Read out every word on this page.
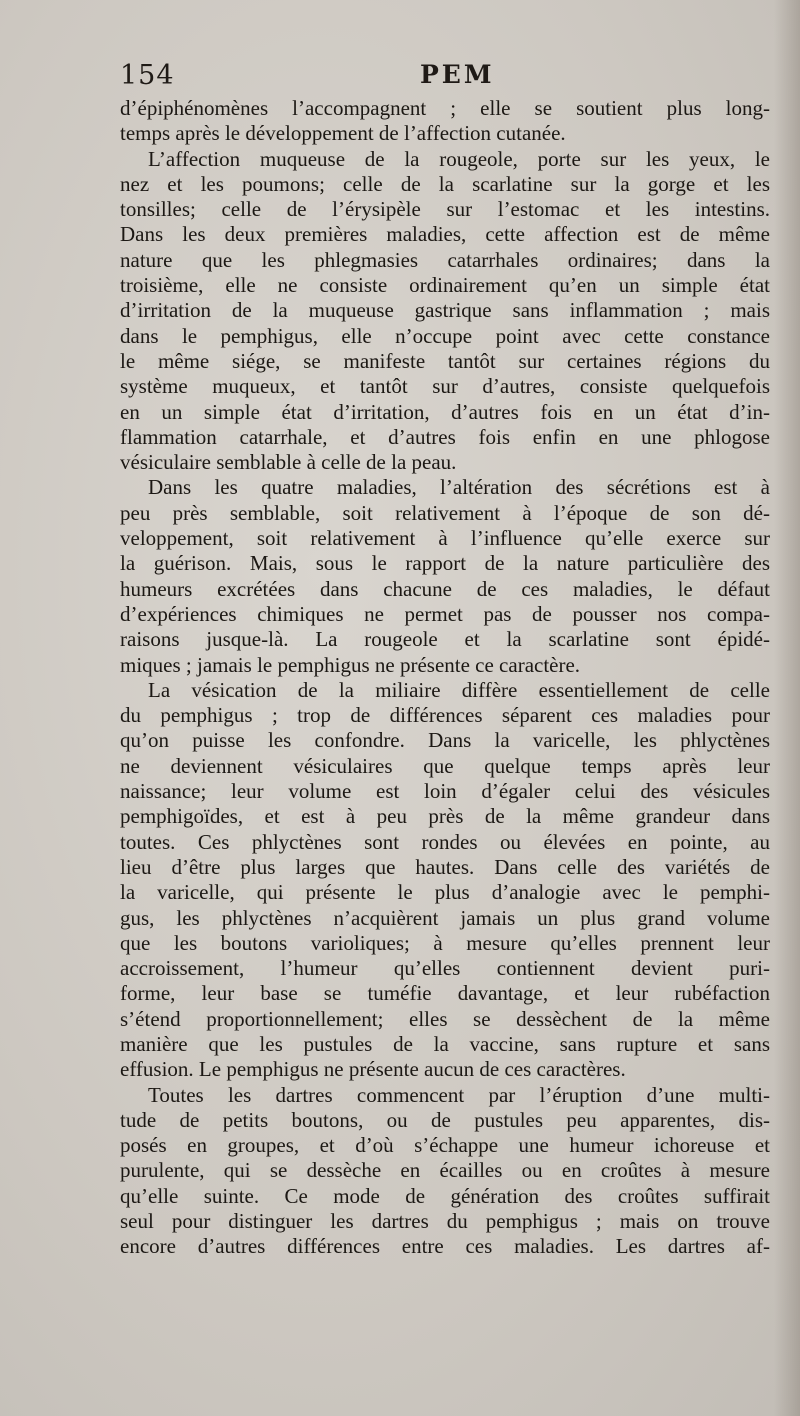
154	PEM
d’épiphénomènes l’accompagnent ; elle se soutient plus long-
temps après le développement de l’affection cutanée.
L’affection muqueuse de la rougeole, porte sur les yeux, le
nez et les poumons; celle de la scarlatine sur la gorge et les
tonsilles; celle de l’érysipèle sur l’estomac et les intestins.
Dans les deux premières maladies, cette affection est de même
nature que les phlegmasies catarrhales ordinaires; dans la
troisième, elle ne consiste ordinairement qu’en un simple état
d’irritation de la muqueuse gastrique sans inflammation ; mais
dans le pemphigus, elle n’occupe point avec cette constance
le même siége, se manifeste tantôt sur certaines régions du
système muqueux, et tantôt sur d’autres, consiste quelquefois
en un simple état d’irritation, d’autres fois en un état d’in-
flammation catarrhale, et d’autres fois enfin en une phlogose
vésiculaire semblable à celle de la peau.
Dans les quatre maladies, l’altération des sécrétions est à
peu près semblable, soit relativement à l’époque de son dé-
veloppement, soit relativement à l’influence qu’elle exerce sur
la guérison. Mais, sous le rapport de la nature particulière des
humeurs excrétées dans chacune de ces maladies, le défaut
d’expériences chimiques ne permet pas de pousser nos compa-
raisons jusque-là. La rougeole et la scarlatine sont épidé-
miques ; jamais le pemphigus ne présente ce caractère.
La vésication de la miliaire diffère essentiellement de celle
du pemphigus ; trop de différences séparent ces maladies pour
qu’on puisse les confondre. Dans la varicelle, les phlyctènes
ne deviennent vésiculaires que quelque temps après leur
naissance; leur volume est loin d’égaler celui des vésicules
pemphigoïdes, et est à peu près de la même grandeur dans
toutes. Ces phlyctènes sont rondes ou élevées en pointe, au
lieu d’être plus larges que hautes. Dans celle des variétés de
la varicelle, qui présente le plus d’analogie avec le pemphi-
gus, les phlyctènes n’acquièrent jamais un plus grand volume
que les boutons varioliques; à mesure qu’elles prennent leur
accroissement, l’humeur qu’elles contiennent devient puri-
forme, leur base se tuméfie davantage, et leur rubéfaction
s’étend proportionnellement; elles se dessèchent de la même
manière que les pustules de la vaccine, sans rupture et sans
effusion. Le pemphigus ne présente aucun de ces caractères.
Toutes les dartres commencent par l’éruption d’une multi-
tude de petits boutons, ou de pustules peu apparentes, dis-
posés en groupes, et d’où s’échappe une humeur ichoreuse et
purulente, qui se dessèche en écailles ou en croûtes à mesure
qu’elle suinte. Ce mode de génération des croûtes suffirait
seul pour distinguer les dartres du pemphigus ; mais on trouve
encore d’autres différences entre ces maladies. Les dartres af-
